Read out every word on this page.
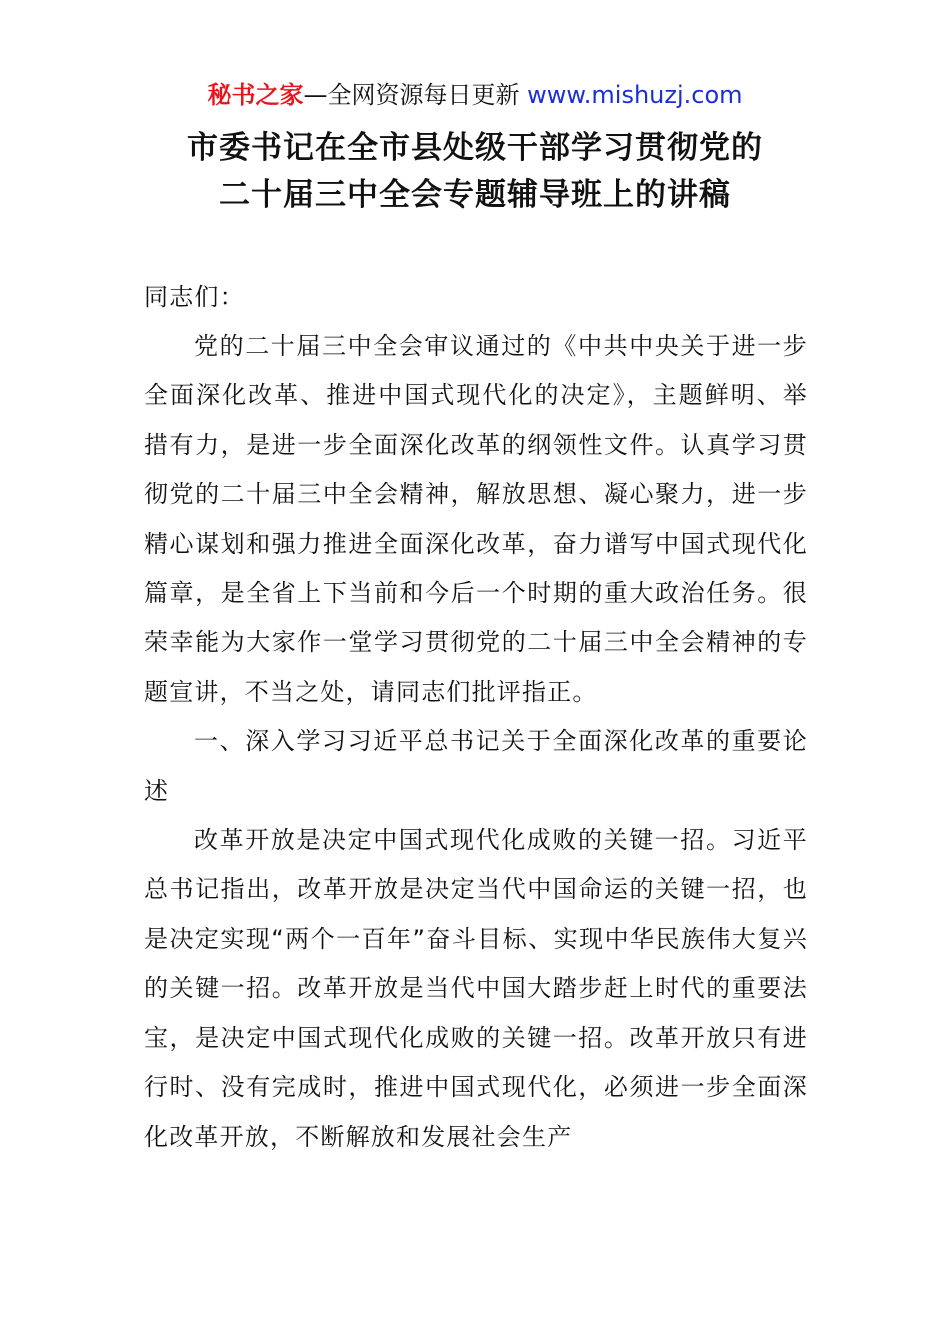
秘书之家—全网资源每日更新 www.mishuzj.com
市委书记在全市县处级干部学习贯彻党的
二十届三中全会专题辅导班上的讲稿
同志们：

党的二十届三中全会审议通过的《中共中央关于进一步全面深化改革、推进中国式现代化的决定》，主题鲜明、举措有力，是进一步全面深化改革的纲领性文件。认真学习贯彻党的二十届三中全会精神，解放思想、凝心聚力，进一步精心谋划和强力推进全面深化改革，奋力谱写中国式现代化篇章，是全省上下当前和今后一个时期的重大政治任务。很荣幸能为大家作一堂学习贯彻党的二十届三中全会精神的专题宣讲，不当之处，请同志们批评指正。

一、深入学习习近平总书记关于全面深化改革的重要论述

改革开放是决定中国式现代化成败的关键一招。习近平总书记指出，改革开放是决定当代中国命运的关键一招，也是决定实现“两个一百年”奋斗目标、实现中华民族伟大复兴的关键一招。改革开放是当代中国大踏步赶上时代的重要法宝，是决定中国式现代化成败的关键一招。改革开放只有进行时、没有完成时，推进中国式现代化，必须进一步全面深化改革开放，不断解放和发展社会生产
